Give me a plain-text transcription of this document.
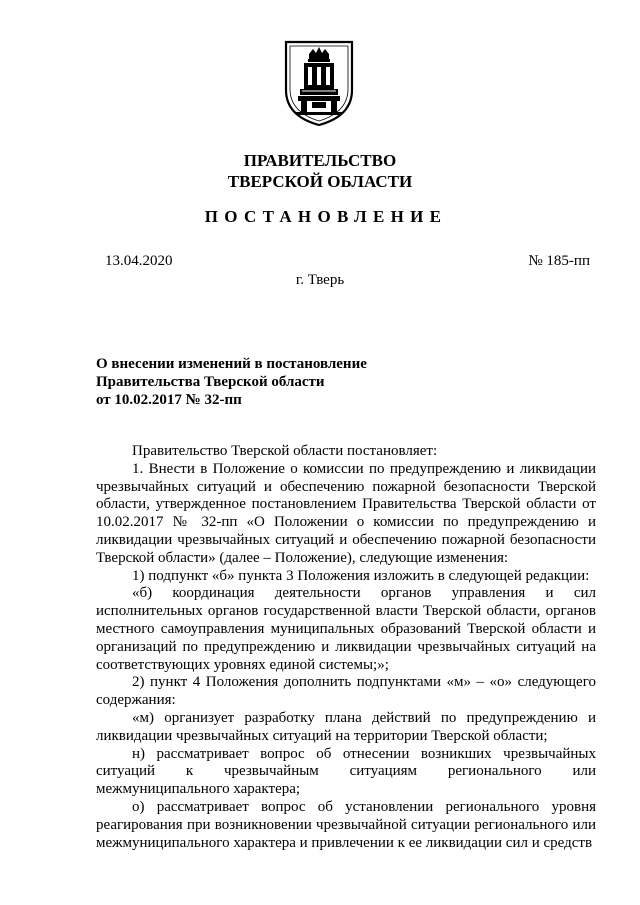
ПРАВИТЕЛЬСТВО
ТВЕРСКОЙ ОБЛАСТИ
ПОСТАНОВЛЕНИЕ
13.04.2020	№ 185-пп
г. Тверь
О внесении изменений в постановление
Правительства Тверской области
от 10.02.2017 № 32-пп

Правительство Тверской области постановляет:

1. Внести в Положение о комиссии по предупреждению и ликвидации чрезвычайных ситуаций и обеспечению пожарной безопасности Тверской области, утвержденное постановлением Правительства Тверской области от 10.02.2017 № 32-пп «О Положении о комиссии по предупреждению и ликвидации чрезвычайных ситуаций и обеспечению пожарной безопасности Тверской области» (далее – Положение), следующие изменения:

1) подпункт «б» пункта 3 Положения изложить в следующей редакции:

«б) координация деятельности органов управления и сил исполнительных органов государственной власти Тверской области, органов местного самоуправления муниципальных образований Тверской области и организаций по предупреждению и ликвидации чрезвычайных ситуаций на соответствующих уровнях единой системы;»;

2) пункт 4 Положения дополнить подпунктами «м» – «о» следующего содержания:

«м) организует разработку плана действий по предупреждению и ликвидации чрезвычайных ситуаций на территории Тверской области;

н) рассматривает вопрос об отнесении возникших чрезвычайных ситуаций к чрезвычайным ситуациям регионального или межмуниципального характера;

о) рассматривает вопрос об установлении регионального уровня реагирования при возникновении чрезвычайной ситуации регионального или межмуниципального характера и привлечении к ее ликвидации сил и средств
